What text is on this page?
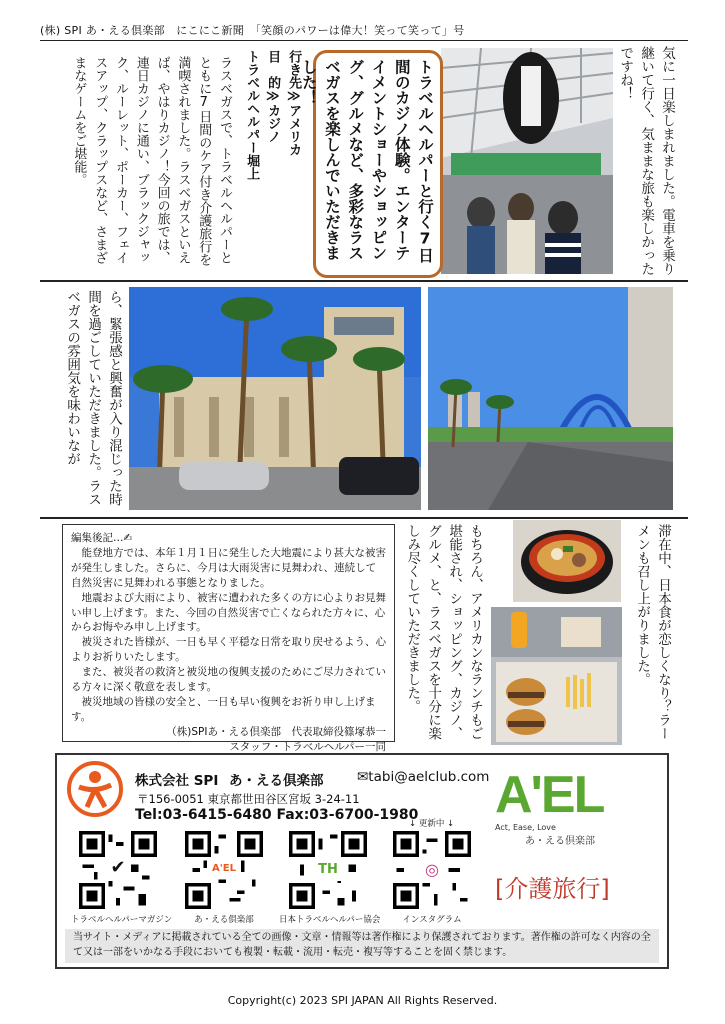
(株) SPI あ・える倶楽部　にこにこ新聞　「笑顔のパワーは偉大！笑って笑って」号
気に一日楽しまれました。電車を乗り継いて行く、気ままな旅も楽しかったですね！
トラベルヘルパーと行く7日間のカジノ体験。エンターテイメントショーやショッピング、グルメなど、多彩なラスベガスを楽しんでいただきました！
行き先≫アメリカ
目　的≫カジノ
トラベルヘルパー堀上
ラスベガスで、トラベルヘルパーとともに7日間のケア付き介護旅行を満喫されました。ラスベガスといえば、やはりカジノ！今回の旅では、連日カジノに通い、ブラックジャック、ルーレット、ポーカー、フェイスアップ、クラップスなど、さまざまなゲームをご堪能。
ら、緊張感と興奮が入り混じった時間を過ごしていただきました。ラスベガスの雰囲気を味わいなが

編集後記…✍

能登地方では、本年１月１日に発生した大地震により甚大な被害が発生しました。さらに、今月は大雨災害に見舞われ、連続して自然災害に見舞われる事態となりました。

地震および大雨により、被害に遭われた多くの方に心よりお見舞い申し上げます。また、今回の自然災害で亡くなられた方々に、心からお悔やみ申し上げます。

被災された皆様が、一日も早く平穏な日常を取り戻せるよう、心よりお祈りいたします。

また、被災者の救済と被災地の復興支援のためにご尽力されている方々に深く敬意を表します。

被災地域の皆様の安全と、一日も早い復興をお祈り申し上げます。

（株)SPIあ・える倶楽部　代表取締役篠塚恭一

スタッフ・トラベルヘルパー一同

滞在中、日本食が恋しくなり？ラーメンも召し上がりました。
もちろん、アメリカンなランチもご堪能され、ショッピング、カジノ、グルメ、と、ラスベガスを十分に楽しみ尽くしていただきました。
株式会社 SPI あ・える倶楽部 ✉tabi@aelclub.com
〒156-0051 東京都世田谷区宮坂 3-24-11
Tel:03-6415-6480 Fax:03-6700-1980 A'EL
Act, Ease, Love
あ・える倶楽部
[介護旅行]
↓ 更新中 ↓
✔
トラベルヘルパーマガジン
A'EL
あ・える倶楽部
TH
日本トラベルヘルパー協会
◎
インスタグラム
当サイト・メディアに掲載されている全ての画像・文章・情報等は著作権により保護されております。著作権の許可なく内容の全て又は一部をいかなる手段においても複製・転載・流用・転売・複写等することを固く禁じます。
Copyright(c) 2023 SPI JAPAN All Rights Reserved.
